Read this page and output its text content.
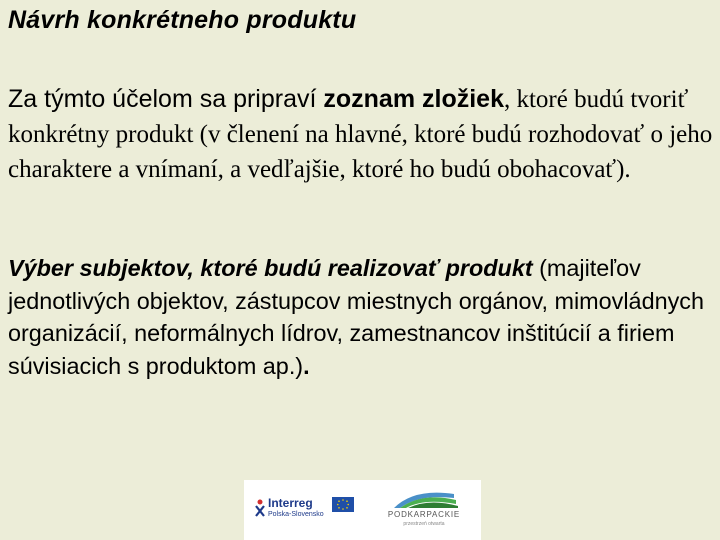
Návrh konkrétneho produktu

Za týmto účelom sa pripraví zoznam zložiek, ktoré budú tvoriť konkrétny produkt (v členení na hlavné, ktoré budú rozhodovať o jeho charaktere a vnímaní, a vedľajšie, ktoré ho budú obohacovať).

Výber subjektov, ktoré budú realizovať produkt (majiteľov jednotlivých objektov, zástupcov miestnych orgánov, mimovládnych organizácií, neformálnych lídrov, zamestnancov inštitúcií a firiem súvisiacich s produktom ap.).

Interreg
Polska-Slovensko	PODKARPACKIE
przestrzeń otwarta
